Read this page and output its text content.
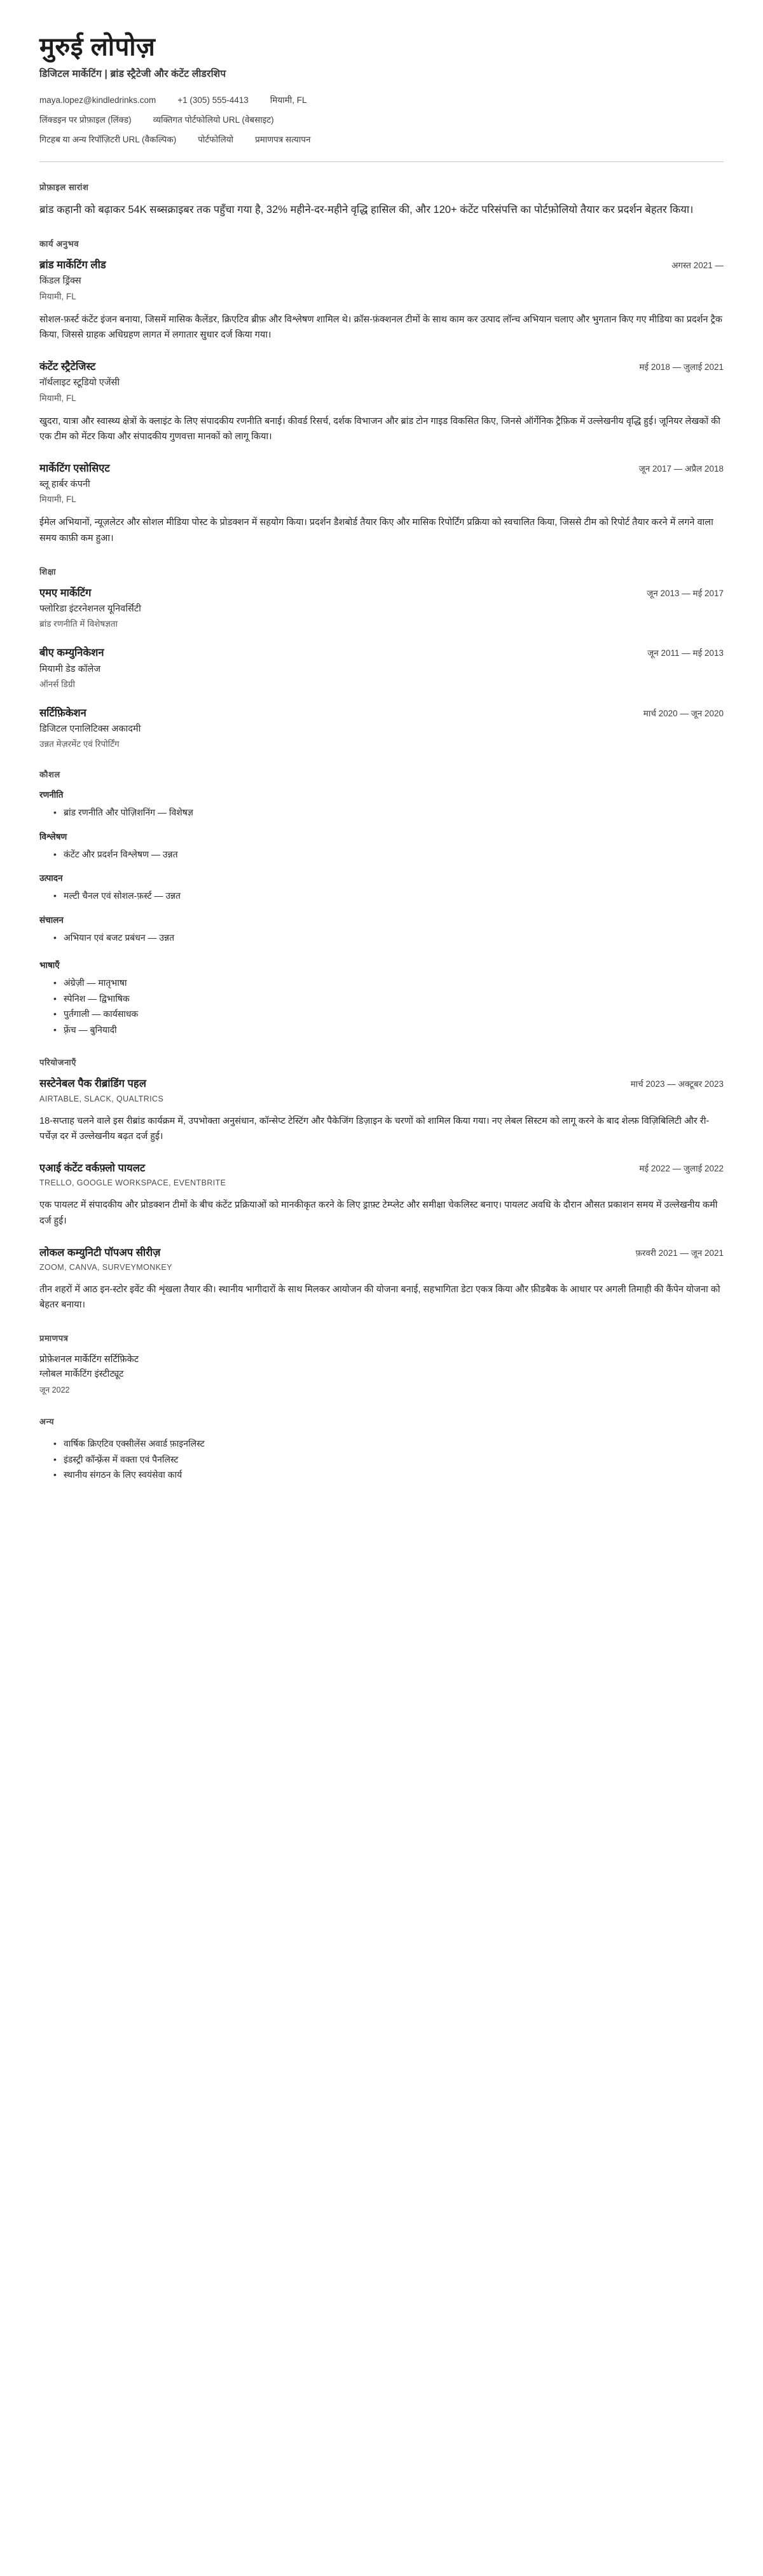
मुरुई लोपोेज़
डिजिटल मार्केटिंग | ब्रांड स्ट्रैटेजी और कंटेंट लीडरशिप
maya.lopez@kindledrinks.com	+1 (305) 555-4413	मियामी, FL
लिंक्डइन पर प्रोफ़ाइल (लिंक्ड)	व्यक्तिगत पोर्टफोलियो URL (वेबसाइट)
गिटहब या अन्य रिपॉज़िटरी URL (वैकल्पिक)	पोर्टफोलियो	प्रमाणपत्र सत्यापन
प्रोफ़ाइल सारांश

ब्रांड कहानी को बढ़ाकर 54K सब्सक्राइबर तक पहुँचा गया है, 32% महीने-दर-महीने वृद्धि हासिल की, और 120+ कंटेंट परिसंपत्ति का पोर्टफ़ोलियो तैयार कर प्रदर्शन बेहतर किया।

कार्य अनुभव
ब्रांड मार्केटिंग लीड	अगस्त 2021 —
किंडल ड्रिंक्स
मियामी, FL
सोशल-फ़र्स्ट कंटेंट इंजन बनाया, जिसमें मासिक कैलेंडर, क्रिएटिव ब्रीफ़ और विश्लेषण शामिल थे। क्रॉस-फ़ंक्शनल टीमों के साथ काम कर उत्पाद लॉन्च अभियान चलाए और भुगतान किए गए मीडिया का प्रदर्शन ट्रैक किया, जिससे ग्राहक अधिग्रहण लागत में लगातार सुधार दर्ज किया गया।
कंटेंट स्ट्रैटेजिस्ट	मई 2018 — जुलाई 2021
नॉर्थलाइट स्टूडियो एजेंसी
मियामी, FL
खुदरा, यात्रा और स्वास्थ्य क्षेत्रों के क्लाइंट के लिए संपादकीय रणनीति बनाई। कीवर्ड रिसर्च, दर्शक विभाजन और ब्रांड टोन गाइड विकसित किए, जिनसे ऑर्गेनिक ट्रैफ़िक में उल्लेखनीय वृद्धि हुई। जूनियर लेखकों की एक टीम को मेंटर किया और संपादकीय गुणवत्ता मानकों को लागू किया।
मार्केटिंग एसोसिएट	जून 2017 — अप्रैल 2018
ब्लू हार्बर कंपनी
मियामी, FL
ईमेल अभियानों, न्यूज़लेटर और सोशल मीडिया पोस्ट के प्रोडक्शन में सहयोग किया। प्रदर्शन डैशबोर्ड तैयार किए और मासिक रिपोर्टिंग प्रक्रिया को स्वचालित किया, जिससे टीम को रिपोर्ट तैयार करने में लगने वाला समय काफ़ी कम हुआ।
शिक्षा
एमए मार्केटिंग	जून 2013 — मई 2017
फ्लोरिडा इंटरनेशनल यूनिवर्सिटी
ब्रांड रणनीति में विशेषज्ञता
बीए कम्युनिकेशन	जून 2011 — मई 2013
मियामी डेड कॉलेज
ऑनर्स डिग्री
सर्टिफ़िकेशन	मार्च 2020 — जून 2020
डिजिटल एनालिटिक्स अकादमी
उन्नत मेज़रमेंट एवं रिपोर्टिंग
कौशल
रणनीति
• ब्रांड रणनीति और पोज़िशनिंग — विशेषज्ञ
विश्लेषण
• कंटेंट और प्रदर्शन विश्लेषण — उन्नत
उत्पादन
• मल्टी चैनल एवं सोशल-फ़र्स्ट — उन्नत
संचालन
• अभियान एवं बजट प्रबंधन — उन्नत
भाषाएँ
• अंग्रेज़ी — मातृभाषा
• स्पेनिश — द्विभाषिक
• पुर्तगाली — कार्यसाधक
• फ़्रेंच — बुनियादी
परियोजनाएँ
सस्टेनेबल पैक रीब्रांडिंग पहल	मार्च 2023 — अक्टूबर 2023
AIRTABLE, SLACK, QUALTRICS
18-सप्ताह चलने वाले इस रीब्रांड कार्यक्रम में, उपभोक्ता अनुसंधान, कॉन्सेप्ट टेस्टिंग और पैकेजिंग डिज़ाइन के चरणों को शामिल किया गया। नए लेबल सिस्टम को लागू करने के बाद शेल्फ़ विज़िबिलिटी और री-पर्चेज़ दर में उल्लेखनीय बढ़त दर्ज हुई।
एआई कंटेंट वर्कफ़्लो पायलट	मई 2022 — जुलाई 2022
TRELLO, GOOGLE WORKSPACE, EVENTBRITE
एक पायलट में संपादकीय और प्रोडक्शन टीमों के बीच कंटेंट प्रक्रियाओं को मानकीकृत करने के लिए ड्राफ़्ट टेम्प्लेट और समीक्षा चेकलिस्ट बनाए। पायलट अवधि के दौरान औसत प्रकाशन समय में उल्लेखनीय कमी दर्ज हुई।
लोकल कम्युनिटी पॉपअप सीरीज़	फ़रवरी 2021 — जून 2021
ZOOM, CANVA, SURVEYMONKEY
तीन शहरों में आठ इन-स्टोर इवेंट की शृंखला तैयार की। स्थानीय भागीदारों के साथ मिलकर आयोजन की योजना बनाई, सहभागिता डेटा एकत्र किया और फ़ीडबैक के आधार पर अगली तिमाही की कैंपेन योजना को बेहतर बनाया।
प्रमाणपत्र
प्रोफ़ेशनल मार्केटिंग सर्टिफ़िकेट
ग्लोबल मार्केटिंग इंस्टीट्यूट
जून 2022
अन्य
• वार्षिक क्रिएटिव एक्सीलेंस अवार्ड फ़ाइनलिस्ट
• इंडस्ट्री कॉन्फ़्रेंस में वक्ता एवं पैनलिस्ट
• स्थानीय संगठन के लिए स्वयंसेवा कार्य
